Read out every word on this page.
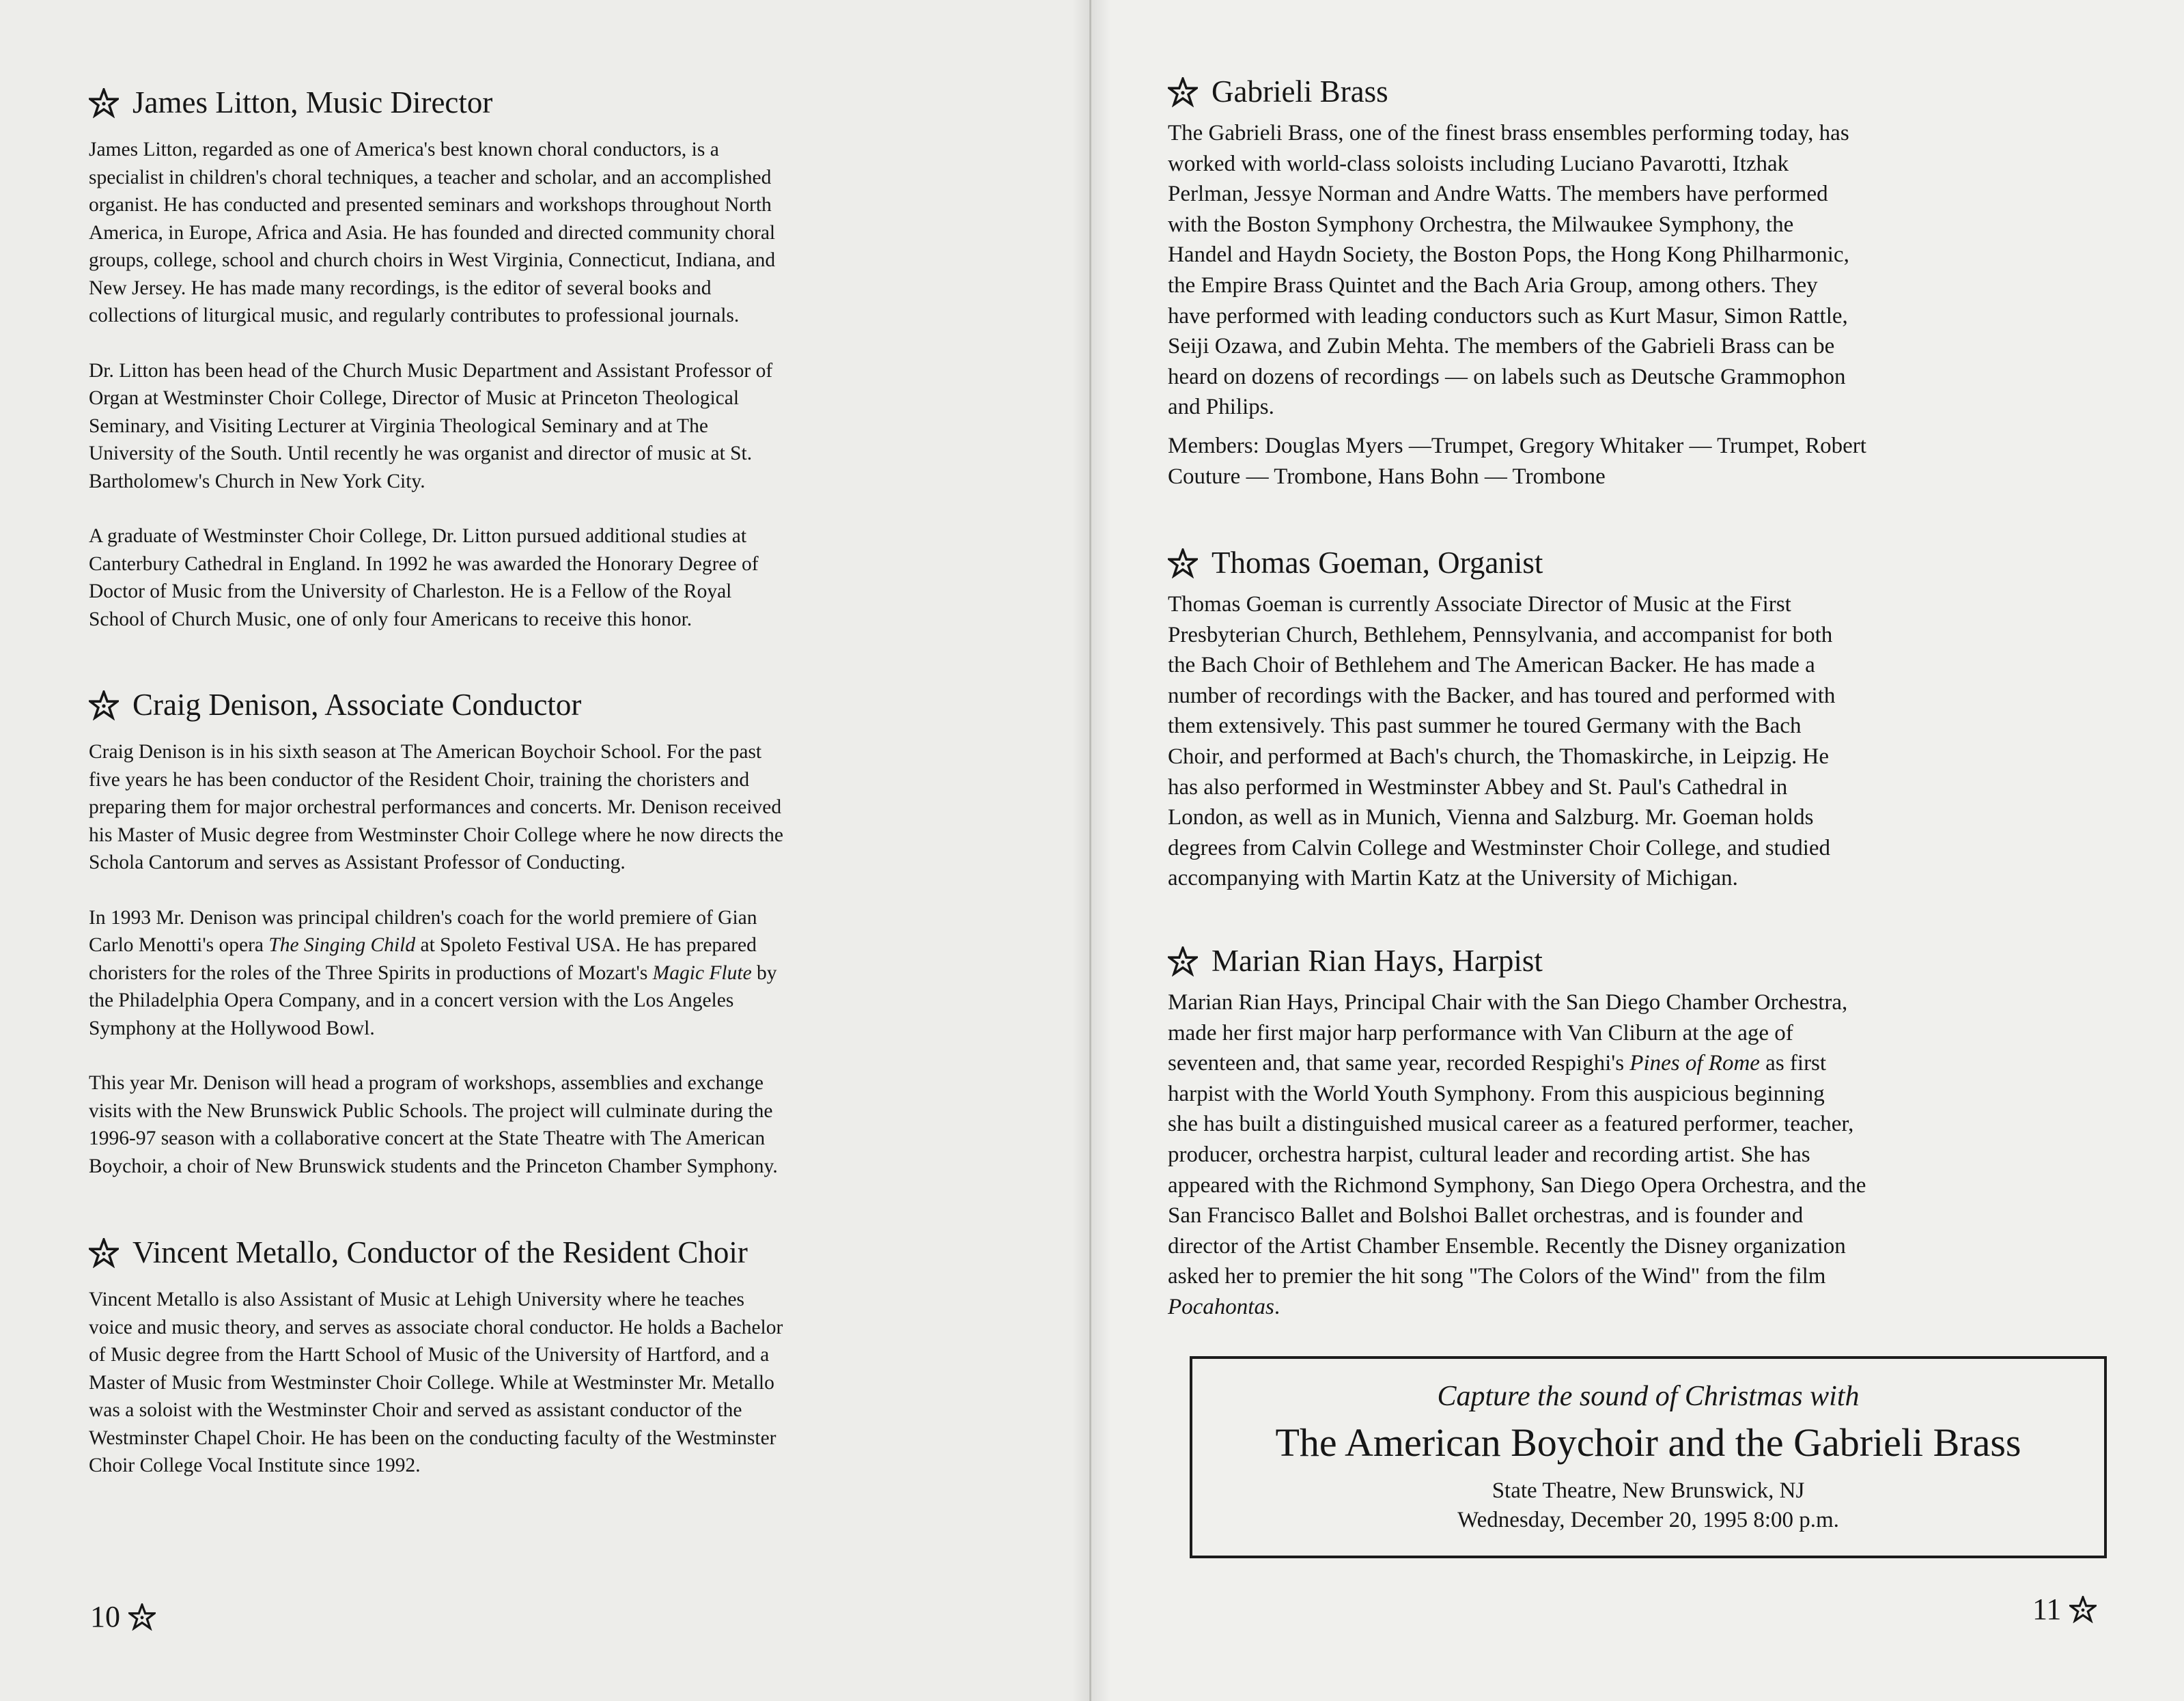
James Litton, Music Director

James Litton, regarded as one of America's best known choral conductors, is a
specialist in children's choral techniques, a teacher and scholar, and an accomplished
organist. He has conducted and presented seminars and workshops throughout North
America, in Europe, Africa and Asia. He has founded and directed community choral
groups, college, school and church choirs in West Virginia, Connecticut, Indiana, and
New Jersey. He has made many recordings, is the editor of several books and
collections of liturgical music, and regularly contributes to professional journals.

Dr. Litton has been head of the Church Music Department and Assistant Professor of
Organ at Westminster Choir College, Director of Music at Princeton Theological
Seminary, and Visiting Lecturer at Virginia Theological Seminary and at The
University of the South. Until recently he was organist and director of music at St.
Bartholomew's Church in New York City.

A graduate of Westminster Choir College, Dr. Litton pursued additional studies at
Canterbury Cathedral in England. In 1992 he was awarded the Honorary Degree of
Doctor of Music from the University of Charleston. He is a Fellow of the Royal
School of Church Music, one of only four Americans to receive this honor.

Craig Denison, Associate Conductor

Craig Denison is in his sixth season at The American Boychoir School. For the past
five years he has been conductor of the Resident Choir, training the choristers and
preparing them for major orchestral performances and concerts. Mr. Denison received
his Master of Music degree from Westminster Choir College where he now directs the
Schola Cantorum and serves as Assistant Professor of Conducting.

In 1993 Mr. Denison was principal children's coach for the world premiere of Gian
Carlo Menotti's opera The Singing Child at Spoleto Festival USA. He has prepared
choristers for the roles of the Three Spirits in productions of Mozart's Magic Flute by
the Philadelphia Opera Company, and in a concert version with the Los Angeles
Symphony at the Hollywood Bowl.

This year Mr. Denison will head a program of workshops, assemblies and exchange
visits with the New Brunswick Public Schools. The project will culminate during the
1996-97 season with a collaborative concert at the State Theatre with The American
Boychoir, a choir of New Brunswick students and the Princeton Chamber Symphony.

Vincent Metallo, Conductor of the Resident Choir

Vincent Metallo is also Assistant of Music at Lehigh University where he teaches
voice and music theory, and serves as associate choral conductor. He holds a Bachelor
of Music degree from the Hartt School of Music of the University of Hartford, and a
Master of Music from Westminster Choir College. While at Westminster Mr. Metallo
was a soloist with the Westminster Choir and served as assistant conductor of the
Westminster Chapel Choir. He has been on the conducting faculty of the Westminster
Choir College Vocal Institute since 1992.

10
Gabrieli Brass

The Gabrieli Brass, one of the finest brass ensembles performing today, has
worked with world-class soloists including Luciano Pavarotti, Itzhak
Perlman, Jessye Norman and Andre Watts. The members have performed
with the Boston Symphony Orchestra, the Milwaukee Symphony, the
Handel and Haydn Society, the Boston Pops, the Hong Kong Philharmonic,
the Empire Brass Quintet and the Bach Aria Group, among others. They
have performed with leading conductors such as Kurt Masur, Simon Rattle,
Seiji Ozawa, and Zubin Mehta. The members of the Gabrieli Brass can be
heard on dozens of recordings — on labels such as Deutsche Grammophon
and Philips.

Members: Douglas Myers —Trumpet, Gregory Whitaker — Trumpet, Robert
Couture — Trombone, Hans Bohn — Trombone

Thomas Goeman, Organist

Thomas Goeman is currently Associate Director of Music at the First
Presbyterian Church, Bethlehem, Pennsylvania, and accompanist for both
the Bach Choir of Bethlehem and The American Backer. He has made a
number of recordings with the Backer, and has toured and performed with
them extensively. This past summer he toured Germany with the Bach
Choir, and performed at Bach's church, the Thomaskirche, in Leipzig. He
has also performed in Westminster Abbey and St. Paul's Cathedral in
London, as well as in Munich, Vienna and Salzburg. Mr. Goeman holds
degrees from Calvin College and Westminster Choir College, and studied
accompanying with Martin Katz at the University of Michigan.

Marian Rian Hays, Harpist

Marian Rian Hays, Principal Chair with the San Diego Chamber Orchestra,
made her first major harp performance with Van Cliburn at the age of
seventeen and, that same year, recorded Respighi's Pines of Rome as first
harpist with the World Youth Symphony. From this auspicious beginning
she has built a distinguished musical career as a featured performer, teacher,
producer, orchestra harpist, cultural leader and recording artist. She has
appeared with the Richmond Symphony, San Diego Opera Orchestra, and the
San Francisco Ballet and Bolshoi Ballet orchestras, and is founder and
director of the Artist Chamber Ensemble. Recently the Disney organization
asked her to premier the hit song "The Colors of the Wind" from the film
Pocahontas.

Capture the sound of Christmas with
The American Boychoir and the Gabrieli Brass
State Theatre, New Brunswick, NJ
Wednesday, December 20, 1995 8:00 p.m.
11
